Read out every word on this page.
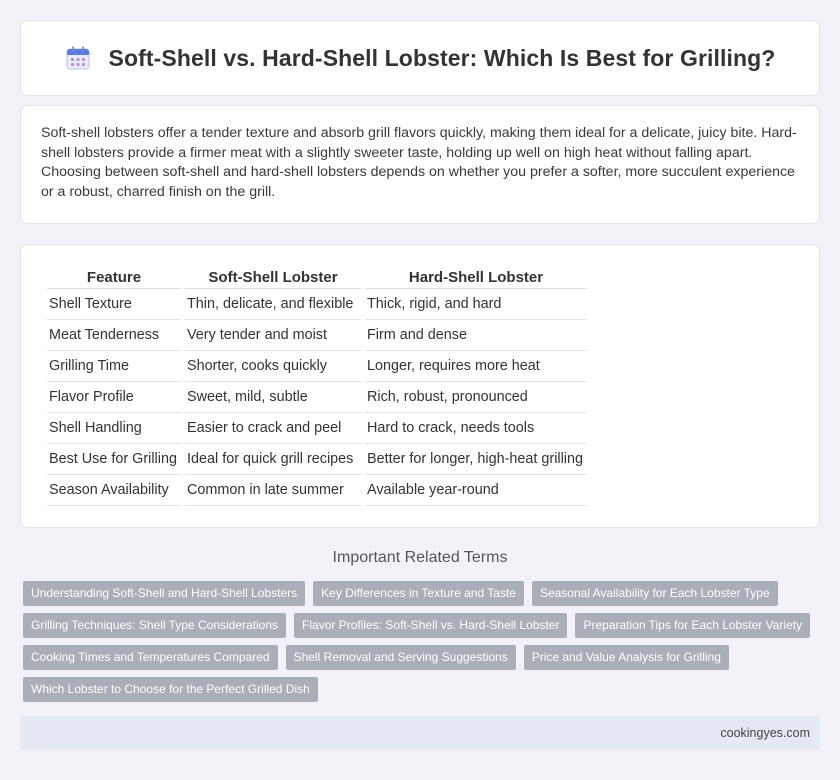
Soft-Shell vs. Hard-Shell Lobster: Which Is Best for Grilling?

Soft-shell lobsters offer a tender texture and absorb grill flavors quickly, making them ideal for a delicate, juicy bite. Hard-shell lobsters provide a firmer meat with a slightly sweeter taste, holding up well on high heat without falling apart. Choosing between soft-shell and hard-shell lobsters depends on whether you prefer a softer, more succulent experience or a robust, charred finish on the grill.

Feature	Soft-Shell Lobster	Hard-Shell Lobster
Shell Texture	Thin, delicate, and flexible	Thick, rigid, and hard
Meat Tenderness	Very tender and moist	Firm and dense
Grilling Time	Shorter, cooks quickly	Longer, requires more heat
Flavor Profile	Sweet, mild, subtle	Rich, robust, pronounced
Shell Handling	Easier to crack and peel	Hard to crack, needs tools
Best Use for Grilling	Ideal for quick grill recipes	Better for longer, high-heat grilling
Season Availability	Common in late summer	Available year-round
Important Related Terms
Understanding Soft-Shell and Hard-Shell Lobsters	Key Differences in Texture and Taste	Seasonal Availability for Each Lobster Type
Grilling Techniques: Shell Type Considerations	Flavor Profiles: Soft-Shell vs. Hard-Shell Lobster	Preparation Tips for Each Lobster Variety
Cooking Times and Temperatures Compared	Shell Removal and Serving Suggestions	Price and Value Analysis for Grilling
Which Lobster to Choose for the Perfect Grilled Dish
cookingyes.com
